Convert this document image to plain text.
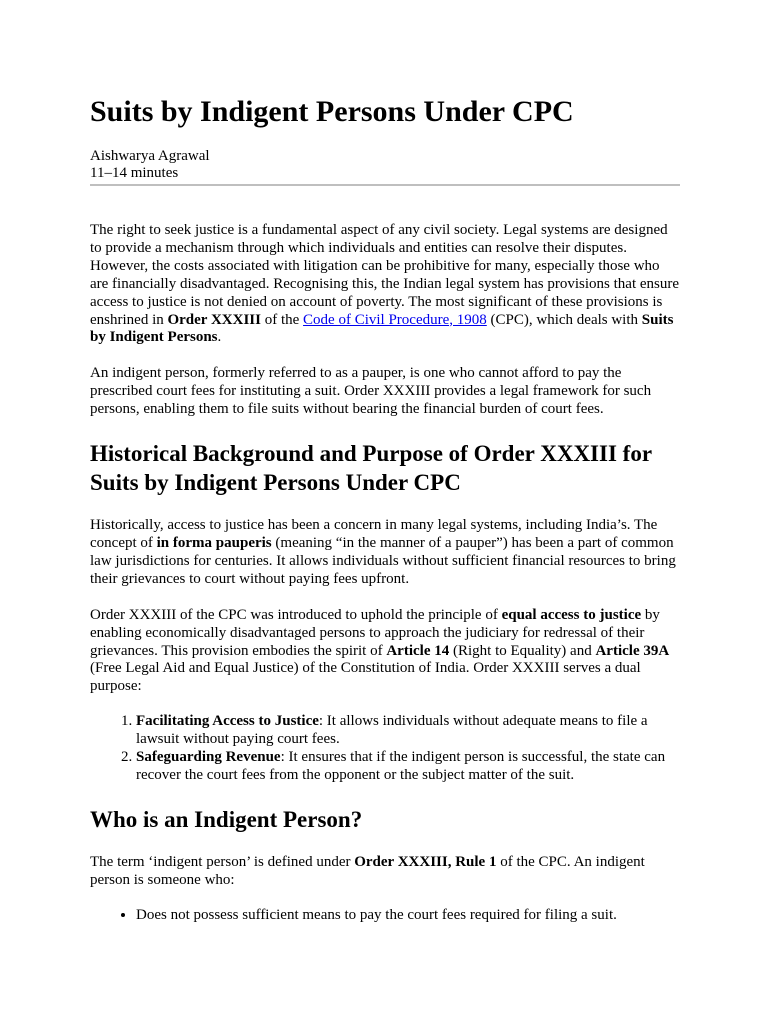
Suits by Indigent Persons Under CPC
Aishwarya Agrawal
11–14 minutes

The right to seek justice is a fundamental aspect of any civil society. Legal systems are designed to provide a mechanism through which individuals and entities can resolve their disputes. However, the costs associated with litigation can be prohibitive for many, especially those who are financially disadvantaged. Recognising this, the Indian legal system has provisions that ensure access to justice is not denied on account of poverty. The most significant of these provisions is enshrined in Order XXXIII of the Code of Civil Procedure, 1908 (CPC), which deals with Suits by Indigent Persons.

An indigent person, formerly referred to as a pauper, is one who cannot afford to pay the prescribed court fees for instituting a suit. Order XXXIII provides a legal framework for such persons, enabling them to file suits without bearing the financial burden of court fees.

Historical Background and Purpose of Order XXXIII for Suits by Indigent Persons Under CPC

Historically, access to justice has been a concern in many legal systems, including India’s. The concept of in forma pauperis (meaning “in the manner of a pauper”) has been a part of common law jurisdictions for centuries. It allows individuals without sufficient financial resources to bring their grievances to court without paying fees upfront.

Order XXXIII of the CPC was introduced to uphold the principle of equal access to justice by enabling economically disadvantaged persons to approach the judiciary for redressal of their grievances. This provision embodies the spirit of Article 14 (Right to Equality) and Article 39A (Free Legal Aid and Equal Justice) of the Constitution of India. Order XXXIII serves a dual purpose:

1. Facilitating Access to Justice: It allows individuals without adequate means to file a lawsuit without paying court fees.
2. Safeguarding Revenue: It ensures that if the indigent person is successful, the state can recover the court fees from the opponent or the subject matter of the suit.
Who is an Indigent Person?

The term ‘indigent person’ is defined under Order XXXIII, Rule 1 of the CPC. An indigent person is someone who:

• Does not possess sufficient means to pay the court fees required for filing a suit.
